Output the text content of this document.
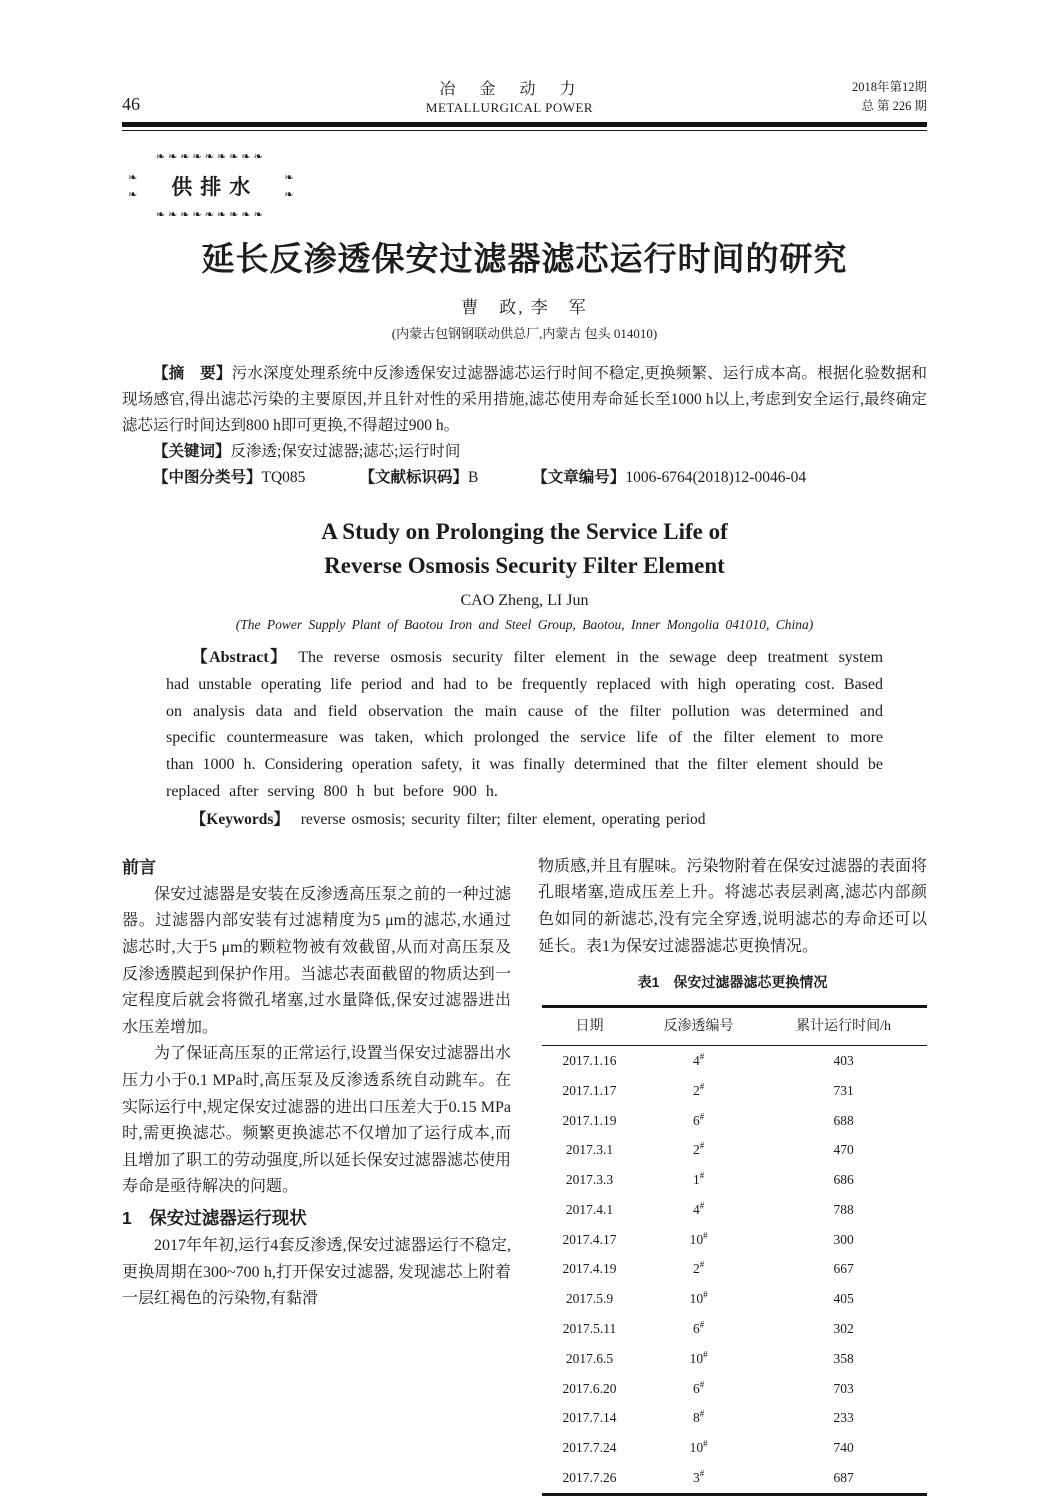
46
冶　金　动　力
METALLURGICAL POWER
2018年第12期
总 第 226 期
❧❧❧❧❧❧❧❧❧
❧
❧	供排水	❧
❧
❧❧❧❧❧❧❧❧❧
延长反渗透保安过滤器滤芯运行时间的研究
曹　政, 李　军
(内蒙古包钢钢联动供总厂,内蒙古 包头 014010)

【摘　要】污水深度处理系统中反渗透保安过滤器滤芯运行时间不稳定,更换频繁、运行成本高。根据化验数据和现场感官,得出滤芯污染的主要原因,并且针对性的采用措施,滤芯使用寿命延长至1000 h以上,考虑到安全运行,最终确定滤芯运行时间达到800 h即可更换,不得超过900 h。

【关键词】反渗透;保安过滤器;滤芯;运行时间

【中图分类号】TQ085	【文献标识码】B	【文章编号】1006-6764(2018)12-0046-04

A Study on Prolonging the Service Life of
Reverse Osmosis Security Filter Element
CAO Zheng, LI Jun
(The Power Supply Plant of Baotou Iron and Steel Group, Baotou, Inner Mongolia 041010, China)

【Abstract】 The reverse osmosis security filter element in the sewage deep treatment system had unstable operating life period and had to be frequently replaced with high operating cost. Based on analysis data and field observation the main cause of the filter pollution was determined and specific countermeasure was taken, which prolonged the service life of the filter element to more than 1000 h. Considering operation safety, it was finally determined that the filter element should be replaced after serving 800 h but before 900 h.

【Keywords】 reverse osmosis; security filter; filter element, operating period

前言

保安过滤器是安装在反渗透高压泵之前的一种过滤器。过滤器内部安装有过滤精度为5 μm的滤芯,水通过滤芯时,大于5 μm的颗粒物被有效截留,从而对高压泵及反渗透膜起到保护作用。当滤芯表面截留的物质达到一定程度后就会将微孔堵塞,过水量降低,保安过滤器进出水压差增加。

为了保证高压泵的正常运行,设置当保安过滤器出水压力小于0.1 MPa时,高压泵及反渗透系统自动跳车。在实际运行中,规定保安过滤器的进出口压差大于0.15 MPa时,需更换滤芯。频繁更换滤芯不仅增加了运行成本,而且增加了职工的劳动强度,所以延长保安过滤器滤芯使用寿命是亟待解决的问题。

1　保安过滤器运行现状

2017年年初,运行4套反渗透,保安过滤器运行不稳定,更换周期在300~700 h,打开保安过滤器, 发现滤芯上附着一层红褐色的污染物,有黏滑

物质感,并且有腥味。污染物附着在保安过滤器的表面将孔眼堵塞,造成压差上升。将滤芯表层剥离,滤芯内部颜色如同的新滤芯,没有完全穿透,说明滤芯的寿命还可以延长。表1为保安过滤器滤芯更换情况。

表1　保安过滤器滤芯更换情况
日期	反渗透编号	累计运行时间/h
2017.1.16	4#	403
2017.1.17	2#	731
2017.1.19	6#	688
2017.3.1	2#	470
2017.3.3	1#	686
2017.4.1	4#	788
2017.4.17	10#	300
2017.4.19	2#	667
2017.5.9	10#	405
2017.5.11	6#	302
2017.6.5	10#	358
2017.6.20	6#	703
2017.7.14	8#	233
2017.7.24	10#	740
2017.7.26	3#	687
